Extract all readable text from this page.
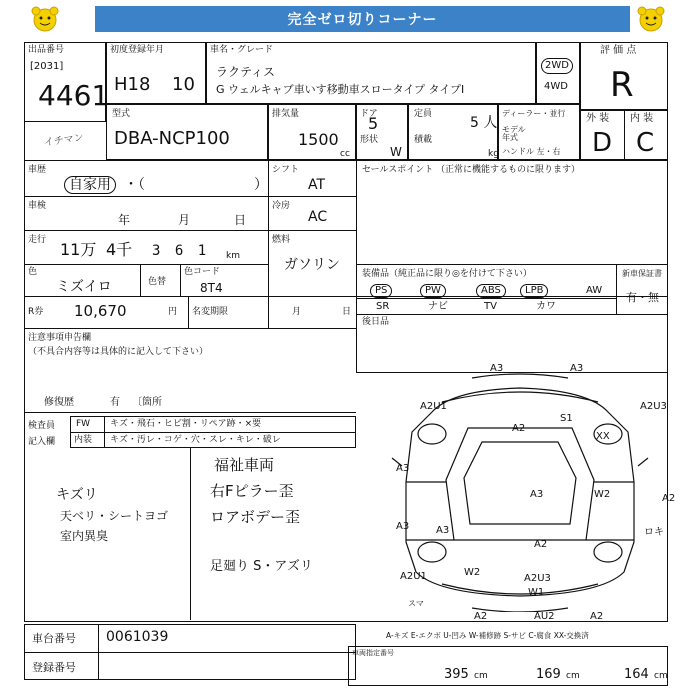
完全ゼロ切りコーナー
出品番号
[2031]
4461
初度登録年月
H18 10
車名・グレード
ラクティス
G ウェルキャブ車いす移動車スロータイプ タイプI
2WD
4WD
評 価 点
R
型式
DBA-NCP100
イチマン
排気量
1500
cc
ドア
5
形状
W
定員
5 人
積載
kg
ディーラー・並行
モデル 年式
ハンドル 左・右
外 装 内 装
D C
車歴
自家用 ・（	）
シフト
AT
セールスポイント （正常に機能するものに限ります）
車検
年	月	日
冷房
AC
走行 11万 4千 3 6 1 km
燃料
ガソリン
色
ミズイロ	色替
色コード
8T4
R券 10,670	円 名変期限	月	日
装備品（純正品に限り◎を付けて下さい）	新車保証書
有・無
PS	PW	ABS	LPB	AW
SR	ナビ	TV	カワ
後日品
注意事項申告欄
（不具合内容等は具体的に記入して下さい）
修復歴	有 〔箇所
検査員
記入欄
FW キズ・飛石・ヒビ割・リペア跡・×要
内装 キズ・汚レ・コゲ・穴・スレ・キレ・破レ
キズリ
天ベリ・シートヨゴ
室内異臭
福祉車両
右Fピラー歪
ロアボデー歪
足廻り S・アズリ
A3	A3
A2U1
A2
S1
A2U3
XX
A3
A3
A3
W2	A2
A2
ロキ
A2U1	W2
A2U3
W1
A2	AU2	A2
スマ
A3
A-キズ E-エクボ U-凹み W-補修跡 S-サビ C-腐食 XX-交換済
車台番号 0061039
登録番号
車両指定番号
395 cm	169 cm	164 cm
